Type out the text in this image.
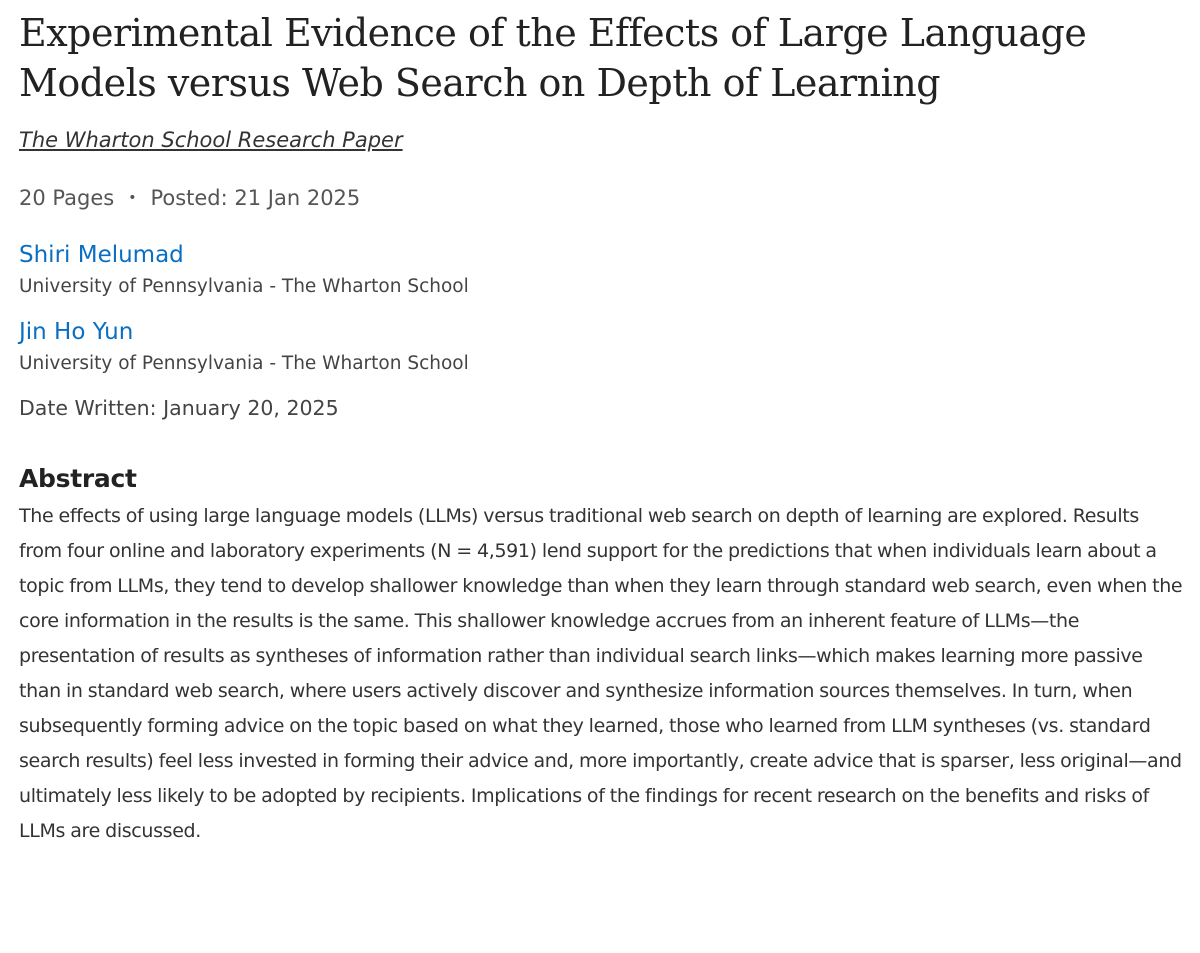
Experimental Evidence of the Effects of Large Language Models versus Web Search on Depth of Learning
The Wharton School Research Paper
20 Pages • Posted: 21 Jan 2025
Shiri Melumad
University of Pennsylvania - The Wharton School
Jin Ho Yun
University of Pennsylvania - The Wharton School
Date Written: January 20, 2025
Abstract

The effects of using large language models (LLMs) versus traditional web search on depth of learning are explored. Results from four online and laboratory experiments (N = 4,591) lend support for the predictions that when individuals learn about a topic from LLMs, they tend to develop shallower knowledge than when they learn through standard web search, even when the core information in the results is the same. This shallower knowledge accrues from an inherent feature of LLMs—the presentation of results as syntheses of information rather than individual search links—which makes learning more passive than in standard web search, where users actively discover and synthesize information sources themselves. In turn, when subsequently forming advice on the topic based on what they learned, those who learned from LLM syntheses (vs. standard search results) feel less invested in forming their advice and, more importantly, create advice that is sparser, less original—and ultimately less likely to be adopted by recipients. Implications of the findings for recent research on the benefits and risks of LLMs are discussed.
